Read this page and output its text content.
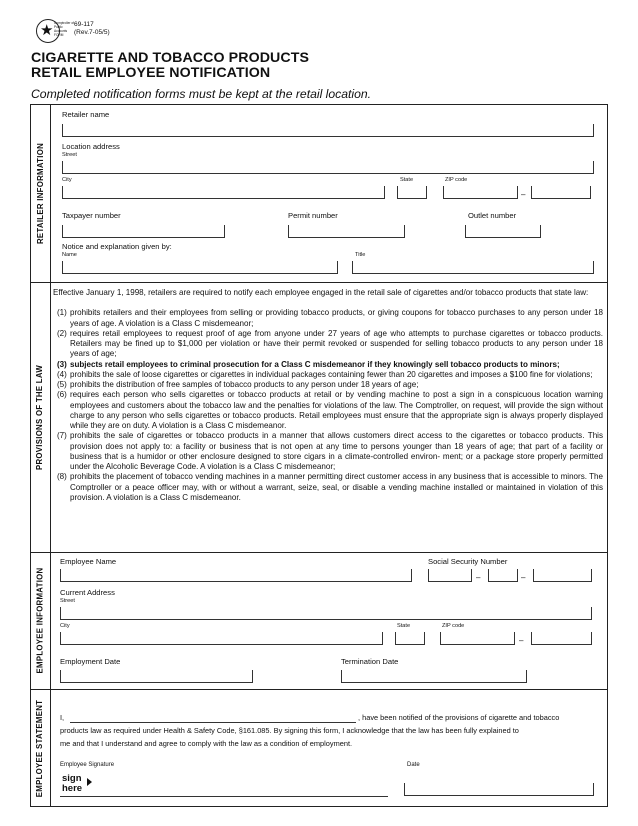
★ Comptroller of Public Accounts FORM
69-117
(Rev.7-05/5)
CIGARETTE AND TOBACCO PRODUCTS
RETAIL EMPLOYEE NOTIFICATION
Completed notification forms must be kept at the retail location.
RETAILER INFORMATION
PROVISIONS OF THE LAW
EMPLOYEE INFORMATION
EMPLOYEE STATEMENT
Retailer name
Location address
Street
City	State	ZIP code
–
Taxpayer number	Permit number	Outlet number
Notice and explanation given by:
Name	Title

Effective January 1, 1998, retailers are required to notify each employee engaged in the retail sale of cigarettes and/or tobacco products that state law:

(1) prohibits retailers and their employees from selling or providing tobacco products, or giving coupons for tobacco purchases to any person under 18 years of age. A violation is a Class C misdemeanor;
(2) requires retail employees to request proof of age from anyone under 27 years of age who attempts to purchase cigarettes or tobacco products. Retailers may be fined up to $1,000 per violation or have their permit revoked or suspended for selling tobacco products to any person under 18 years of age;
(3) subjects retail employees to criminal prosecution for a Class C misdemeanor if they knowingly sell tobacco products to minors;
(4) prohibits the sale of loose cigarettes or cigarettes in individual packages containing fewer than 20 cigarettes and imposes a $100 fine for violations;
(5) prohibits the distribution of free samples of tobacco products to any person under 18 years of age;
(6) requires each person who sells cigarettes or tobacco products at retail or by vending machine to post a sign in a conspicuous location warning employees and customers about the tobacco law and the penalties for violations of the law. The Comptroller, on request, will provide the sign without charge to any person who sells cigarettes or tobacco products. Retail employees must ensure that the appropriate sign is always properly displayed while they are on duty. A violation is a Class C misdemeanor.
(7) prohibits the sale of cigarettes or tobacco products in a manner that allows customers direct access to the cigarettes or tobacco products. This provision does not apply to: a facility or business that is not open at any time to persons younger than 18 years of age; that part of a facility or business that is a humidor or other enclosure designed to store cigars in a climate-controlled environ- ment; or a package store properly permitted under the Alcoholic Beverage Code. A violation is a Class C misdemeanor;
(8) prohibits the placement of tobacco vending machines in a manner permitting direct customer access in any business that is accessible to minors. The Comptroller or a peace officer may, with or without a warrant, seize, seal, or disable a vending machine installed or maintained in violation of this provision. A violation is a Class C misdemeanor.
Employee Name	Social Security Number
–	–
Current Address
Street
City	State	ZIP code
–
Employment Date	Termination Date
I,	, have been notified of the provisions of cigarette and tobacco
products law as required under Health & Safety Code, §161.085. By signing this form, I acknowledge that the law has been fully explained to
me and that I understand and agree to comply with the law as a condition of employment.
Employee Signature	Date
sign
here
